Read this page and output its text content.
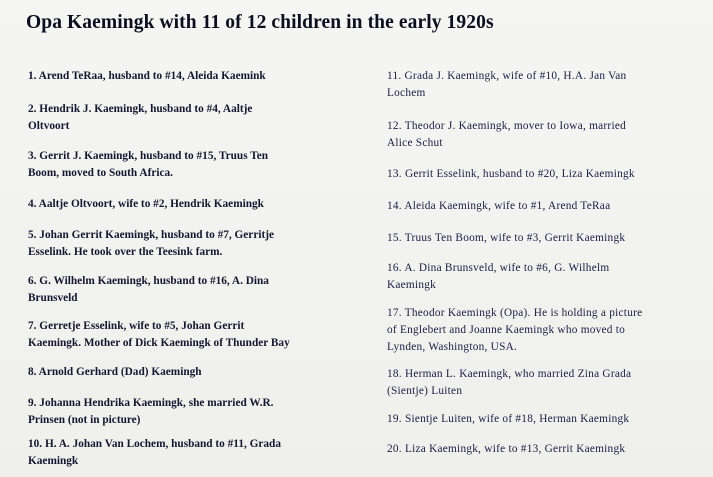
Opa Kaemingk with 11 of 12 children in the early 1920s
1. Arend TeRaa, husband to #14, Aleida Kaemink
2. Hendrik J. Kaemingk, husband to #4, Aaltje
Oltvoort
3. Gerrit J. Kaemingk, husband to #15, Truus Ten
Boom, moved to South Africa.
4. Aaltje Oltvoort, wife to #2, Hendrik Kaemingk
5. Johan Gerrit Kaemingk, husband to #7, Gerritje
Esselink. He took over the Teesink farm.
6. G. Wilhelm Kaemingk, husband to #16, A. Dina
Brunsveld
7. Gerretje Esselink, wife to #5, Johan Gerrit
Kaemingk. Mother of Dick Kaemingk of Thunder Bay
8. Arnold Gerhard (Dad) Kaemingh
9. Johanna Hendrika Kaemingk, she married W.R.
Prinsen (not in picture)
10. H. A. Johan Van Lochem, husband to #11, Grada
Kaemingk
11. Grada J. Kaemingk, wife of #10, H.A. Jan Van
Lochem
12. Theodor J. Kaemingk, mover to Iowa, married
Alice Schut
13. Gerrit Esselink, husband to #20, Liza Kaemingk
14. Aleida Kaemingk, wife to #1, Arend TeRaa
15. Truus Ten Boom, wife to #3, Gerrit Kaemingk
16. A. Dina Brunsveld, wife to #6, G. Wilhelm
Kaemingk
17. Theodor Kaemingk (Opa). He is holding a picture
of Englebert and Joanne Kaemingk who moved to
Lynden, Washington, USA.
18. Herman L. Kaemingk, who married Zina Grada
(Sientje) Luiten
19. Sientje Luiten, wife of #18, Herman Kaemingk
20. Liza Kaemingk, wife to #13, Gerrit Kaemingk
